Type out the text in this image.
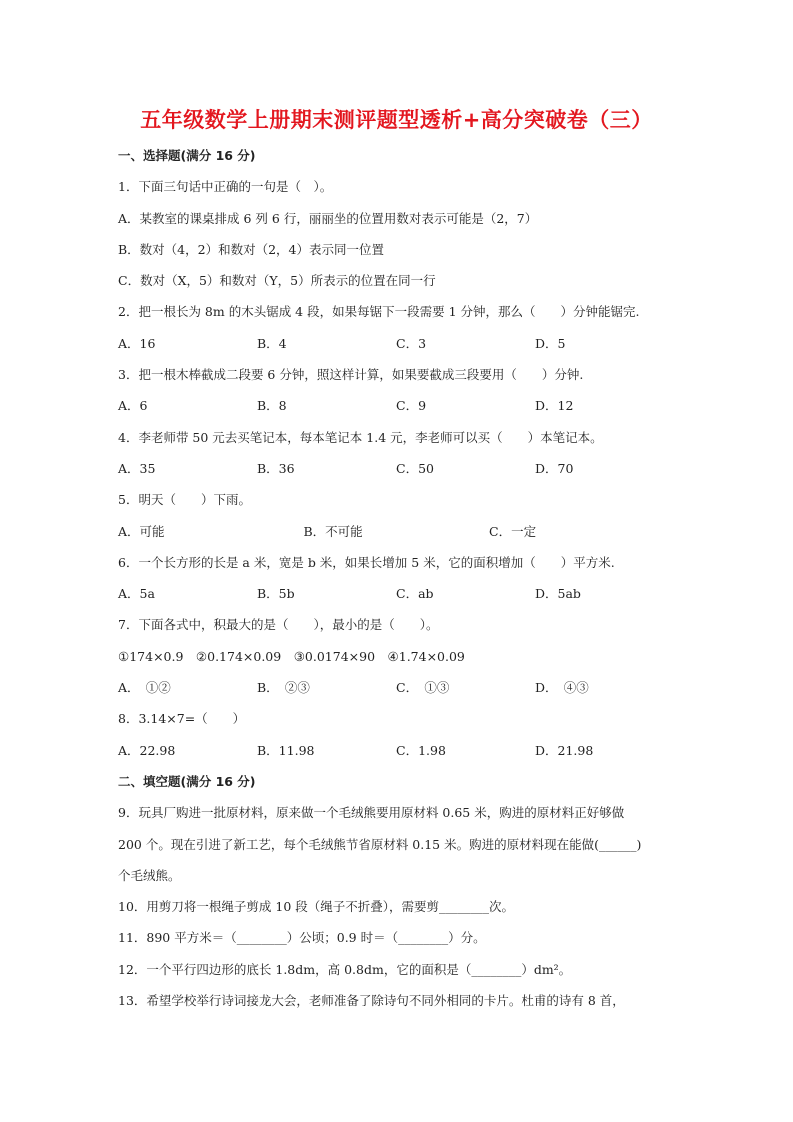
五年级数学上册期末测评题型透析+高分突破卷（三）
一、选择题(满分 16 分)
1．下面三句话中正确的一句是（　）。
A．某教室的课桌排成 6 列 6 行，丽丽坐的位置用数对表示可能是（2，7）
B．数对（4，2）和数对（2，4）表示同一位置
C．数对（X，5）和数对（Y，5）所表示的位置在同一行
2．把一根长为 8m 的木头锯成 4 段，如果每锯下一段需要 1 分钟，那么（　　）分钟能锯完.
A．16	B．4	C．3	D．5
3．把一根木棒截成二段要 6 分钟，照这样计算，如果要截成三段要用（　　）分钟.
A．6	B．8	C．9	D．12
4．李老师带 50 元去买笔记本，每本笔记本 1.4 元，李老师可以买（　　）本笔记本。
A．35	B．36	C．50	D．70
5．明天（　　）下雨。
A．可能	B．不可能	C．一定
6．一个长方形的长是 a 米，宽是 b 米，如果长增加 5 米，它的面积增加（　　）平方米.
A．5a	B．5b	C．ab	D．5ab
7．下面各式中，积最大的是（　　），最小的是（　　）。
①174×0.9　②0.174×0.09　③0.0174×90　④1.74×0.09
A．　①②	B．　②③	C．　①③	D．　④③
8．3.14×7=（　　）
A．22.98	B．11.98	C．1.98	D．21.98
二、填空题(满分 16 分)
9．玩具厂购进一批原材料，原来做一个毛绒熊要用原材料 0.65 米，购进的原材料正好够做
200 个。现在引进了新工艺，每个毛绒熊节省原材料 0.15 米。购进的原材料现在能做(______)
个毛绒熊。
10．用剪刀将一根绳子剪成 10 段（绳子不折叠），需要剪________次。
11．890 平方米＝（________）公顷；0.9 时＝（________）分。
12．一个平行四边形的底长 1.8dm，高 0.8dm，它的面积是（________）dm²。
13．希望学校举行诗词接龙大会，老师准备了除诗句不同外相同的卡片。杜甫的诗有 8 首，
